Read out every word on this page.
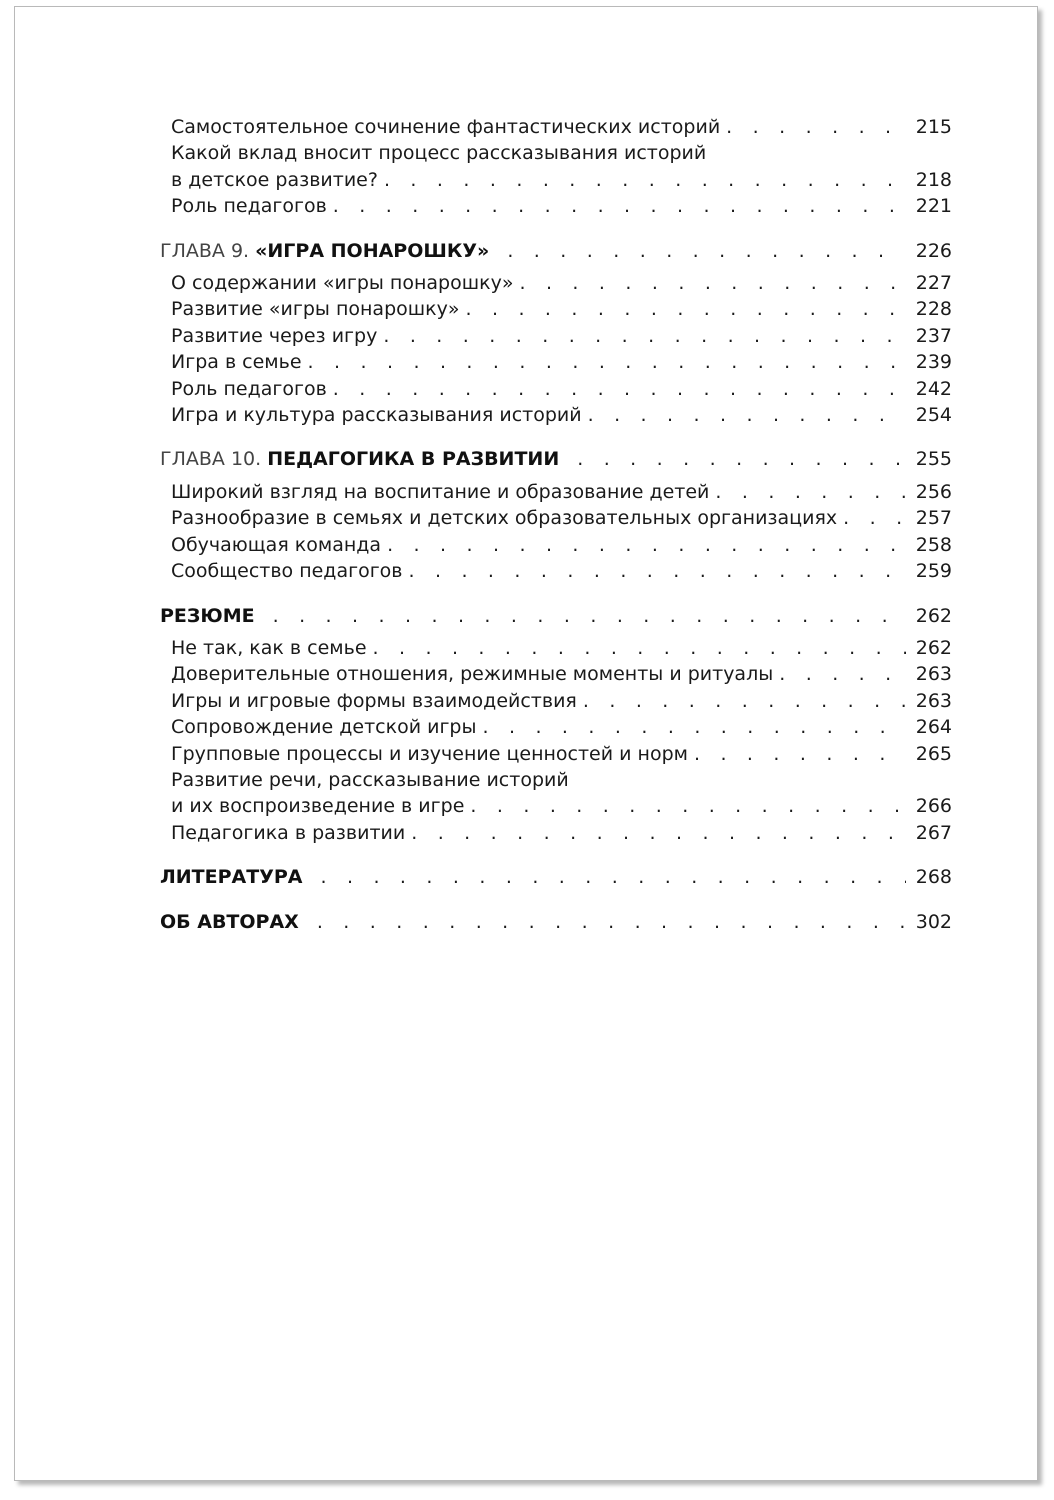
Самостоятельное сочинение фантастических историй . . .	215
Какой вклад вносит процесс рассказывания историй
в детское развитие? . . .	218
Роль педагогов . . .	221
ГЛАВА 9. «ИГРА ПОНАРОШКУ» . . .	226
О содержании «игры понарошку» . . .	227
Развитие «игры понарошку» . . .	228
Развитие через игру . . .	237
Игра в семье . . .	239
Роль педагогов . . .	242
Игра и культура рассказывания историй . . .	254
ГЛАВА 10. ПЕДАГОГИКА В РАЗВИТИИ . . .	255
Широкий взгляд на воспитание и образование детей . . .	256
Разнообразие в семьях и детских образовательных организациях . . .	257
Обучающая команда . . .	258
Сообщество педагогов . . .	259
РЕЗЮМЕ . . .	262
Не так, как в семье . . .	262
Доверительные отношения, режимные моменты и ритуалы . . .	263
Игры и игровые формы взаимодействия . . .	263
Сопровождение детской игры . . .	264
Групповые процессы и изучение ценностей и норм . . .	265
Развитие речи, рассказывание историй
и их воспроизведение в игре . . .	266
Педагогика в развитии . . .	267
ЛИТЕРАТУРА . . .	268
ОБ АВТОРАХ . . .	302
